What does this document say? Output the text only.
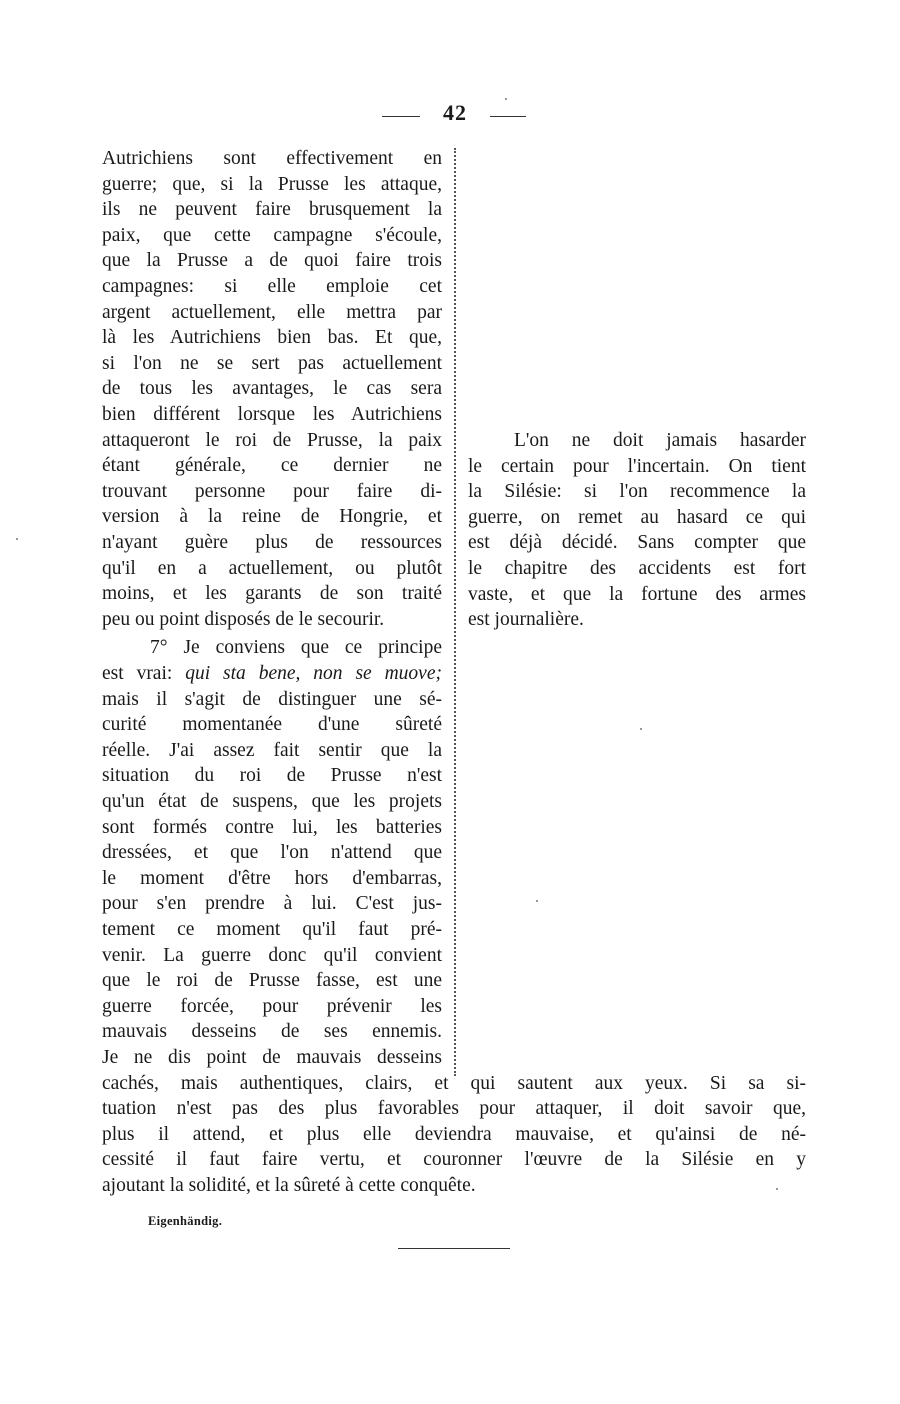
42
Autrichiens sont effectivement en
guerre; que, si la Prusse les attaque,
ils ne peuvent faire brusquement la
paix, que cette campagne s'écoule,
que la Prusse a de quoi faire trois
campagnes: si elle emploie cet
argent actuellement, elle mettra par
là les Autrichiens bien bas. Et que,
si l'on ne se sert pas actuellement
de tous les avantages, le cas sera
bien différent lorsque les Autrichiens
attaqueront le roi de Prusse, la paix
étant générale, ce dernier ne
trouvant personne pour faire di-
version à la reine de Hongrie, et
n'ayant guère plus de ressources
qu'il en a actuellement, ou plutôt
moins, et les garants de son traité
peu ou point disposés de le secourir.
7° Je conviens que ce principe
est vrai: qui sta bene, non se muove;
mais il s'agit de distinguer une sé-
curité momentanée d'une sûreté
réelle. J'ai assez fait sentir que la
situation du roi de Prusse n'est
qu'un état de suspens, que les projets
sont formés contre lui, les batteries
dressées, et que l'on n'attend que
le moment d'être hors d'embarras,
pour s'en prendre à lui. C'est jus-
tement ce moment qu'il faut pré-
venir. La guerre donc qu'il convient
que le roi de Prusse fasse, est une
guerre forcée, pour prévenir les
mauvais desseins de ses ennemis.
Je ne dis point de mauvais desseins
L'on ne doit jamais hasarder
le certain pour l'incertain. On tient
la Silésie: si l'on recommence la
guerre, on remet au hasard ce qui
est déjà décidé. Sans compter que
le chapitre des accidents est fort
vaste, et que la fortune des armes
est journalière.
cachés, mais authentiques, clairs, et qui sautent aux yeux. Si sa si-
tuation n'est pas des plus favorables pour attaquer, il doit savoir que,
plus il attend, et plus elle deviendra mauvaise, et qu'ainsi de né-
cessité il faut faire vertu, et couronner l'œuvre de la Silésie en y
ajoutant la solidité, et la sûreté à cette conquête.
Eigenhändig.
